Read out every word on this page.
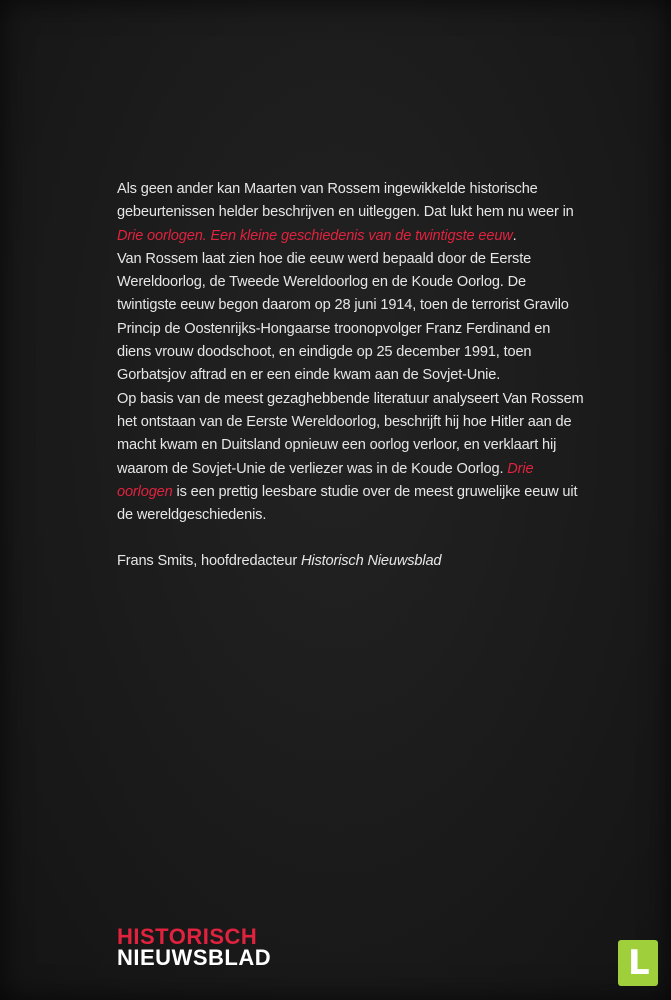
Als geen ander kan Maarten van Rossem ingewikkelde historische gebeurtenissen helder beschrijven en uitleggen. Dat lukt hem nu weer in Drie oorlogen. Een kleine geschiedenis van de twintigste eeuw.

Van Rossem laat zien hoe die eeuw werd bepaald door de Eerste Wereldoorlog, de Tweede Wereldoorlog en de Koude Oorlog. De twintigste eeuw begon daarom op 28 juni 1914, toen de terrorist Gravilo Princip de Oostenrijks-Hongaarse troonopvolger Franz Ferdinand en diens vrouw doodschoot, en eindigde op 25 december 1991, toen Gorbatsjov aftrad en er een einde kwam aan de Sovjet-Unie.

Op basis van de meest gezaghebbende literatuur analyseert Van Rossem het ontstaan van de Eerste Wereldoorlog, beschrijft hij hoe Hitler aan de macht kwam en Duitsland opnieuw een oorlog verloor, en verklaart hij waarom de Sovjet-Unie de verliezer was in de Koude Oorlog. Drie oorlogen is een prettig leesbare studie over de meest gruwelijke eeuw uit de wereldgeschiedenis.

Frans Smits, hoofdredacteur Historisch Nieuwsblad

HISTORISCH
NIEUWSBLAD	L
